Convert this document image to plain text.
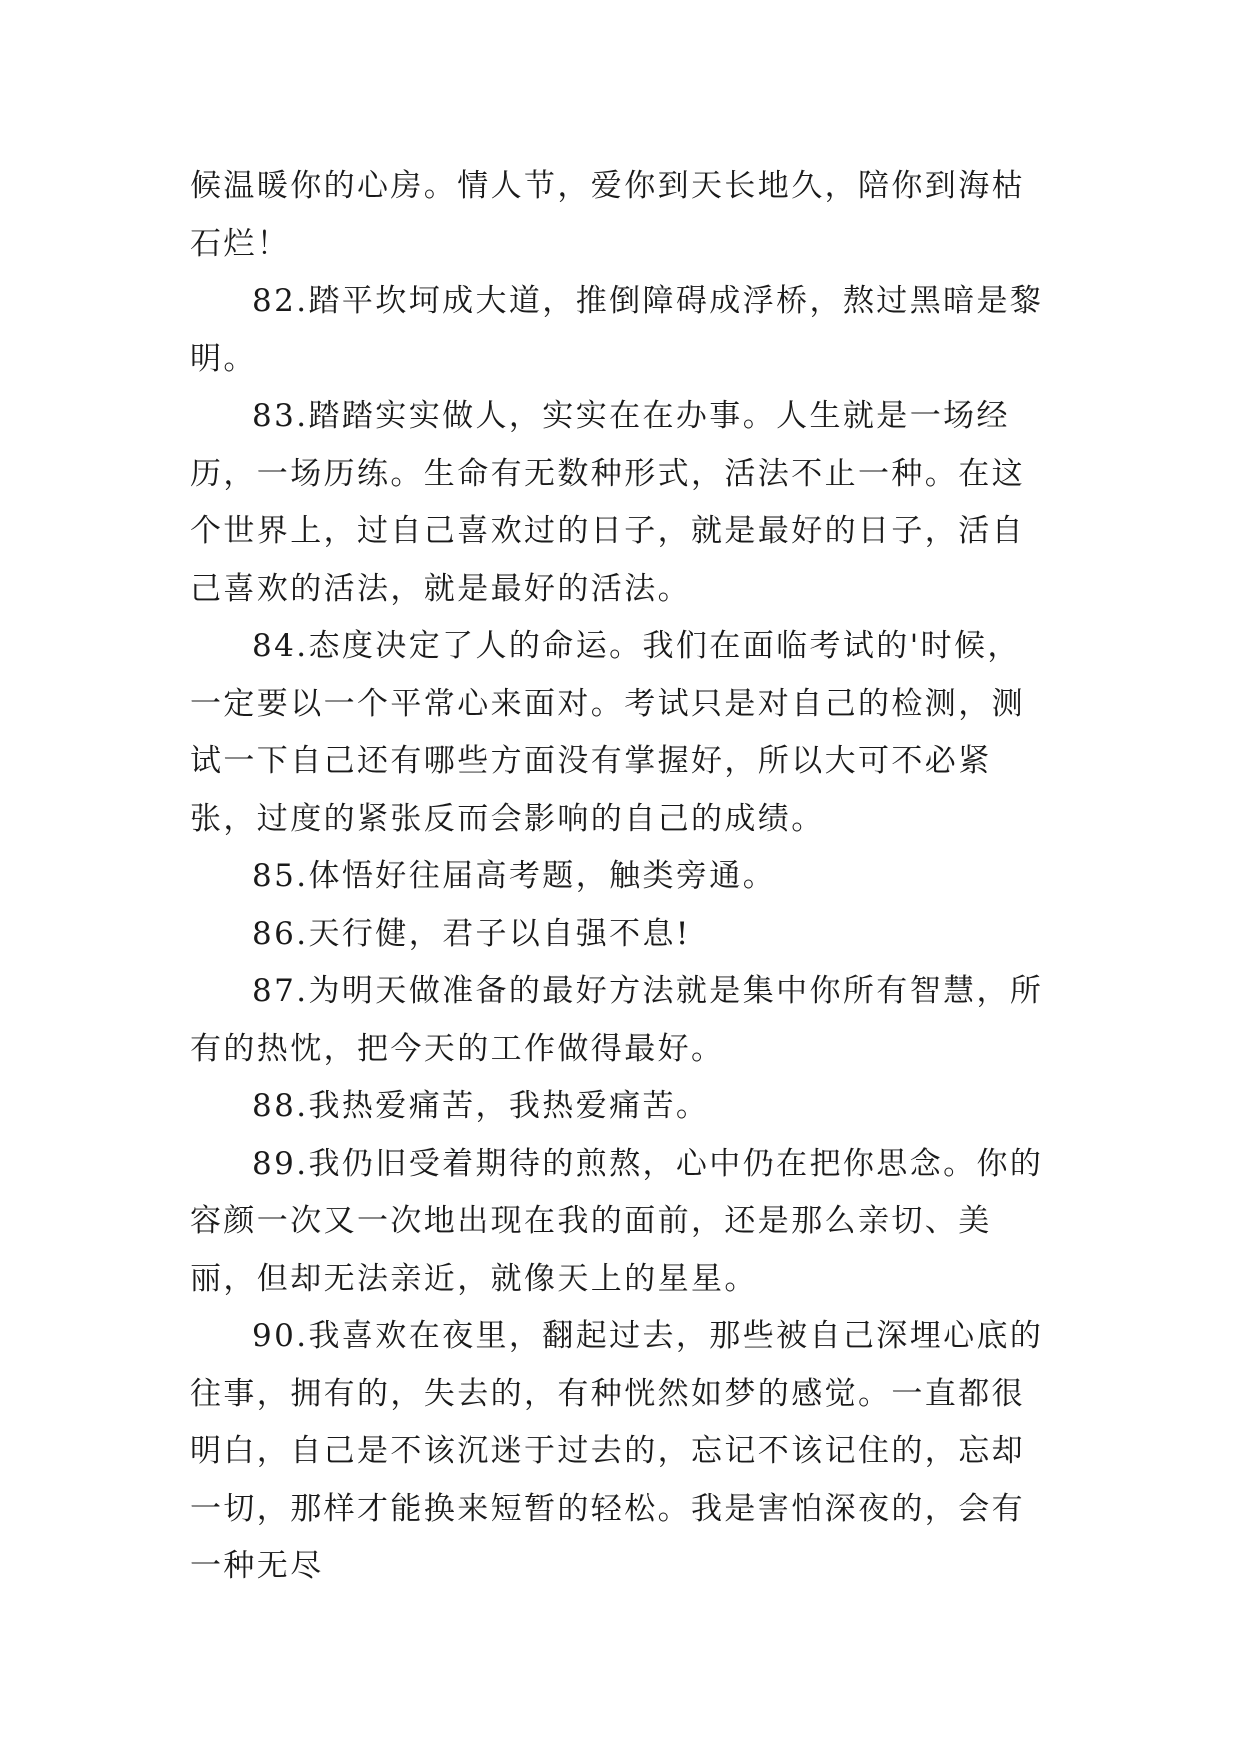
候温暖你的心房。情人节，爱你到天长地久，陪你到海枯石烂！

82.踏平坎坷成大道，推倒障碍成浮桥，熬过黑暗是黎明。

83.踏踏实实做人，实实在在办事。人生就是一场经历，一场历练。生命有无数种形式，活法不止一种。在这个世界上，过自己喜欢过的日子，就是最好的日子，活自己喜欢的活法，就是最好的活法。

84.态度决定了人的命运。我们在面临考试的'时候，一定要以一个平常心来面对。考试只是对自己的检测，测试一下自己还有哪些方面没有掌握好，所以大可不必紧张，过度的紧张反而会影响的自己的成绩。

85.体悟好往届高考题，触类旁通。

86.天行健，君子以自强不息!

87.为明天做准备的最好方法就是集中你所有智慧，所有的热忱，把今天的工作做得最好。

88.我热爱痛苦，我热爱痛苦。

89.我仍旧受着期待的煎熬，心中仍在把你思念。你的容颜一次又一次地出现在我的面前，还是那么亲切、美丽，但却无法亲近，就像天上的星星。

90.我喜欢在夜里，翻起过去，那些被自己深埋心底的往事，拥有的，失去的，有种恍然如梦的感觉。一直都很明白，自己是不该沉迷于过去的，忘记不该记住的，忘却一切，那样才能换来短暂的轻松。我是害怕深夜的，会有一种无尽
